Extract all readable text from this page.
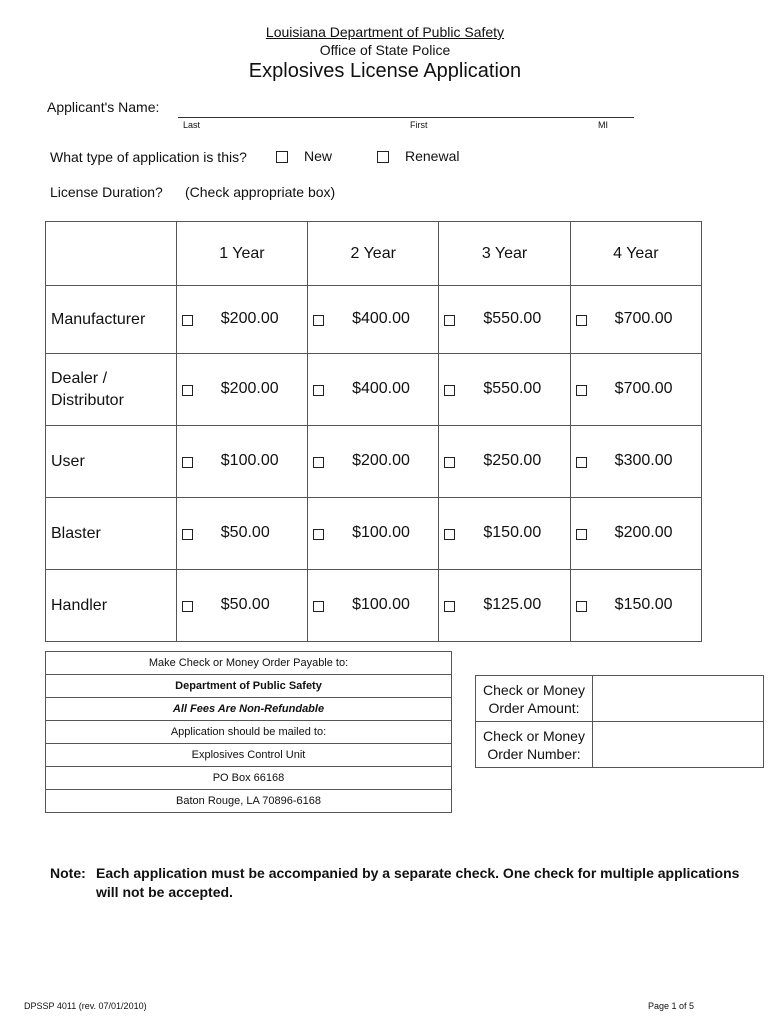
Louisiana Department of Public Safety
Office of State Police
Explosives License Application
Applicant's Name:
Last	First	MI
What type of application is this?	New	Renewal
License Duration? (Check appropriate box)
	1 Year	2 Year	3 Year	4 Year

Manufacturer	$200.00	$400.00	$550.00	$700.00

Dealer /
Distributor	$200.00	$400.00	$550.00	$700.00

User	$100.00	$200.00	$250.00	$300.00

Blaster	$50.00	$100.00	$150.00	$200.00

Handler	$50.00	$100.00	$125.00	$150.00
Make Check or Money Order Payable to:
Department of Public Safety
All Fees Are Non-Refundable
Application should be mailed to:
Explosives Control Unit
PO Box 66168
Baton Rouge, LA 70896-6168
Check or Money
Order Amount:	

Check or Money
Order Number:	

Note: Each application must be accompanied by a separate check. One check for multiple applications
will not be accepted.
DPSSP 4011 (rev. 07/01/2010)	Page 1 of 5
